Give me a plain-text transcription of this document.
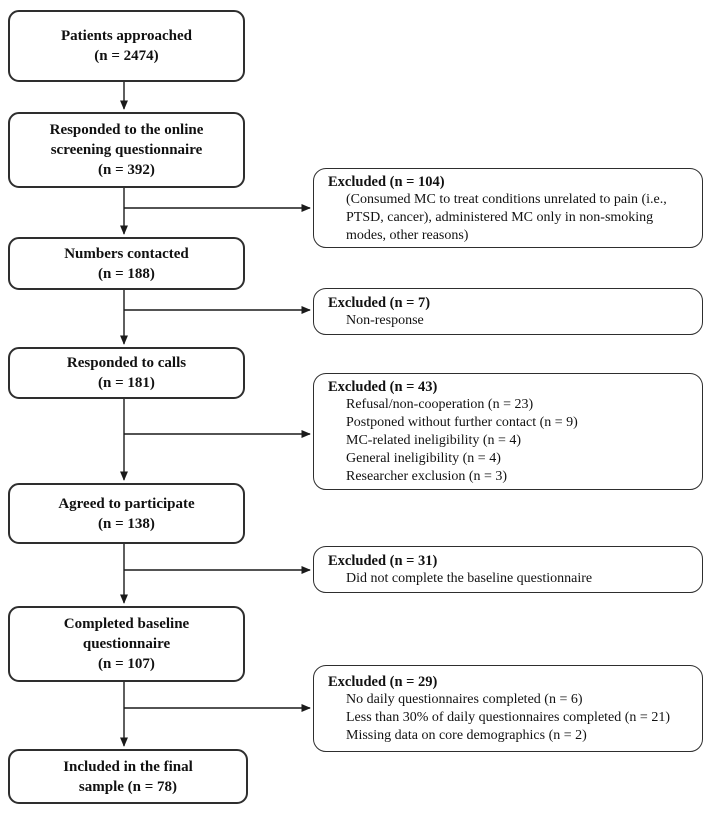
Patients approached
(n = 2474)
Responded to the online
screening questionnaire
(n = 392)
Numbers contacted
(n = 188)
Responded to calls
(n = 181)
Agreed to participate
(n = 138)
Completed baseline
questionnaire
(n = 107)
Included in the final
sample (n = 78)
Excluded (n = 104)
(Consumed MC to treat conditions unrelated to pain (i.e., PTSD, cancer), administered MC only in non-smoking modes, other reasons)
Excluded (n = 7)
Non-response
Excluded (n = 43)
Refusal/non-cooperation (n = 23)
Postponed without further contact (n = 9)
MC-related ineligibility (n = 4)
General ineligibility (n = 4)
Researcher exclusion (n = 3)
Excluded (n = 31)
Did not complete the baseline questionnaire
Excluded (n = 29)
No daily questionnaires completed (n = 6)
Less than 30% of daily questionnaires completed (n = 21)
Missing data on core demographics (n = 2)
